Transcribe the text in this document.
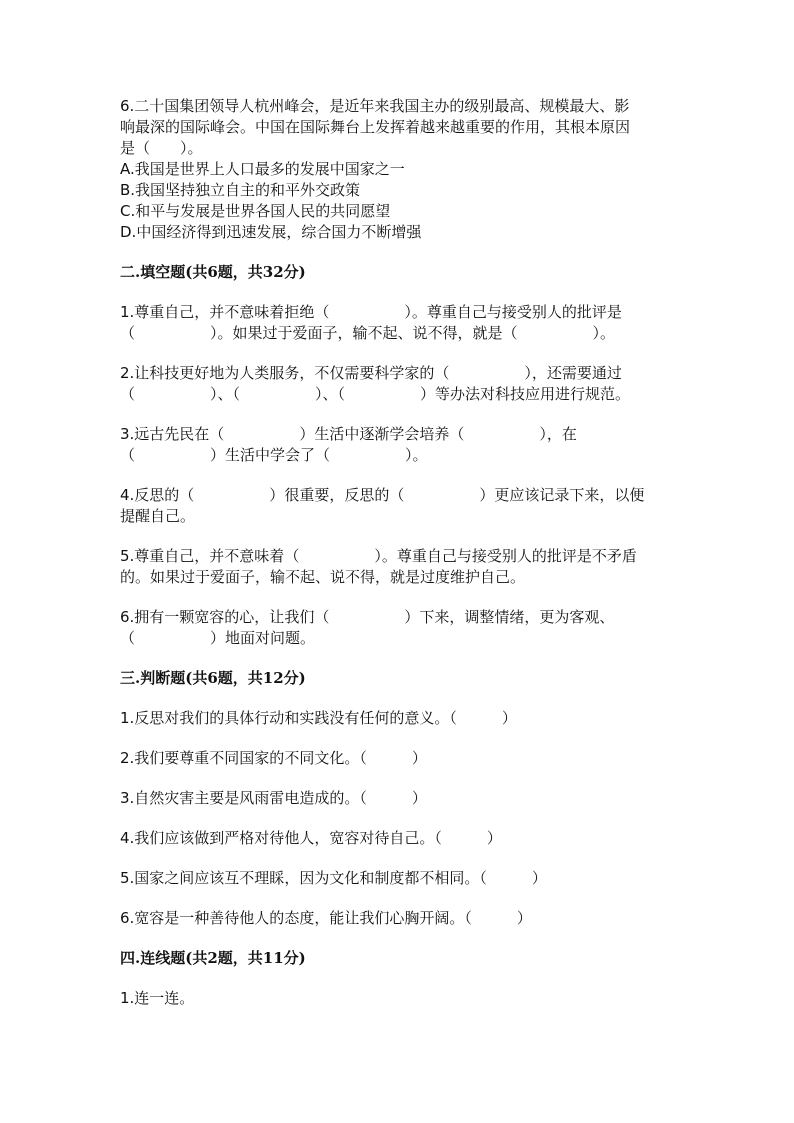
6.二十国集团领导人杭州峰会，是近年来我国主办的级别最高、规模最大、影
响最深的国际峰会。中国在国际舞台上发挥着越来越重要的作用，其根本原因
是（　　）。
A.我国是世界上人口最多的发展中国家之一
B.我国坚持独立自主的和平外交政策
C.和平与发展是世界各国人民的共同愿望
D.中国经济得到迅速发展，综合国力不断增强
二.填空题(共6题，共32分)
1.尊重自己，并不意味着拒绝（　　　　　）。尊重自己与接受别人的批评是
（　　　　　）。如果过于爱面子，输不起、说不得，就是（　　　　　）。
2.让科技更好地为人类服务，不仅需要科学家的（　　　　　），还需要通过
（　　　　　）、（　　　　　）、（　　　　　）等办法对科技应用进行规范。
3.远古先民在（　　　　　）生活中逐渐学会培养（　　　　　），在
（　　　　　）生活中学会了（　　　　　）。
4.反思的（　　　　　）很重要，反思的（　　　　　）更应该记录下来，以便
提醒自己。
5.尊重自己，并不意味着（　　　　　）。尊重自己与接受别人的批评是不矛盾
的。如果过于爱面子，输不起、说不得，就是过度维护自己。
6.拥有一颗宽容的心，让我们（　　　　　）下来，调整情绪，更为客观、
（　　　　　）地面对问题。
三.判断题(共6题，共12分)
1.反思对我们的具体行动和实践没有任何的意义。（　　　）
2.我们要尊重不同国家的不同文化。（　　　）
3.自然灾害主要是风雨雷电造成的。（　　　）
4.我们应该做到严格对待他人，宽容对待自己。（　　　）
5.国家之间应该互不理睬，因为文化和制度都不相同。（　　　）
6.宽容是一种善待他人的态度，能让我们心胸开阔。（　　　）
四.连线题(共2题，共11分)
1.连一连。
